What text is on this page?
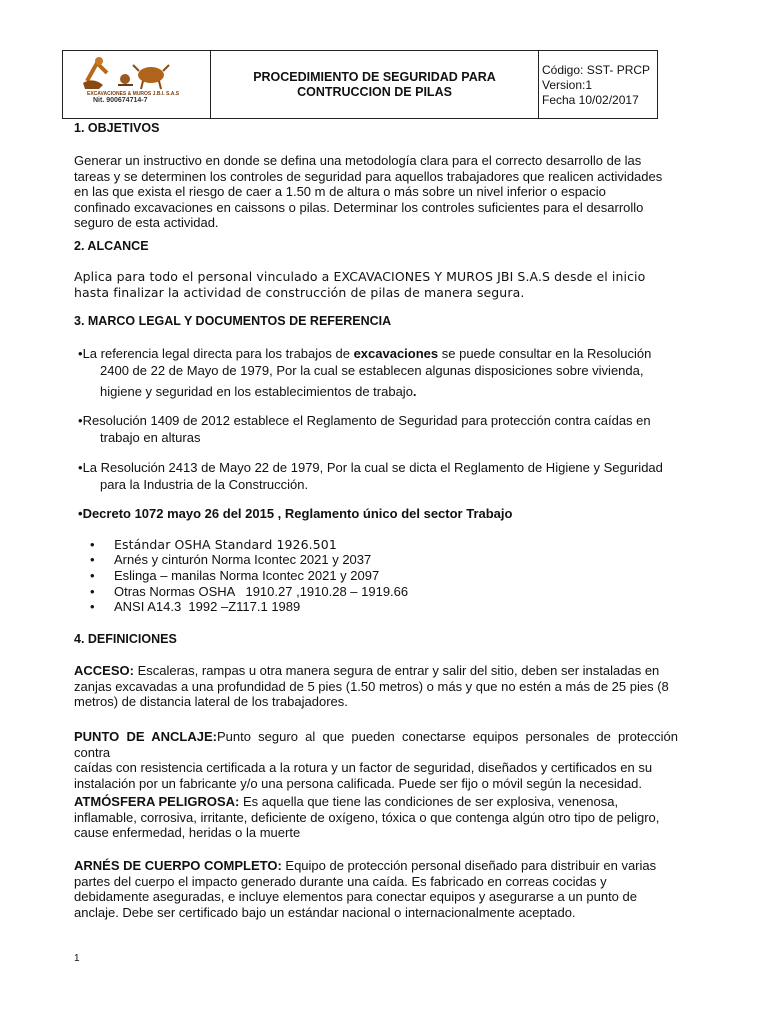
EXCAVACIONES & MUROS J.B.I. S.A.S
Nit. 900674714-7
PROCEDIMIENTO DE SEGURIDAD PARA
CONTRUCCION DE PILAS
Código: SST- PRCP
Version:1
Fecha 10/02/2017
1. OBJETIVOS
Generar un instructivo en donde se defina una metodología clara para el correcto desarrollo de las
tareas y se determinen los controles de seguridad para aquellos trabajadores que realicen actividades
en las que exista el riesgo de caer a 1.50 m de altura o más sobre un nivel inferior o espacio
confinado excavaciones en caissons o pilas. Determinar los controles suficientes para el desarrollo
seguro de esta actividad.
2. ALCANCE
Aplica para todo el personal vinculado a EXCAVACIONES Y MUROS JBI S.A.S desde el inicio
hasta finalizar la actividad de construcción de pilas de manera segura.
3. MARCO LEGAL Y DOCUMENTOS DE REFERENCIA
•La referencia legal directa para los trabajos de excavaciones se puede consultar en la Resolución
2400 de 22 de Mayo de 1979, Por la cual se establecen algunas disposiciones sobre vivienda,
higiene y seguridad en los establecimientos de trabajo.
•Resolución 1409 de 2012 establece el Reglamento de Seguridad para protección contra caídas en
trabajo en alturas
•La Resolución 2413 de Mayo 22 de 1979, Por la cual se dicta el Reglamento de Higiene y Seguridad
para la Industria de la Construcción.
•Decreto 1072 mayo 26 del 2015 , Reglamento único del sector Trabajo
• Estándar OSHA Standard 1926.501
• Arnés y cinturón Norma Icontec 2021 y 2037
• Eslinga – manilas Norma Icontec 2021 y 2097
• Otras Normas OSHA   1910.27 ,1910.28 – 1919.66
• ANSI A14.3  1992 –Z117.1 1989
4. DEFINICIONES
ACCESO: Escaleras, rampas u otra manera segura de entrar y salir del sitio, deben ser instaladas en
zanjas excavadas a una profundidad de 5 pies (1.50 metros) o más y que no estén a más de 25 pies (8
metros) de distancia lateral de los trabajadores.
PUNTO DE ANCLAJE:Punto seguro al que pueden conectarse equipos personales de protección contra
caídas con resistencia certificada a la rotura y un factor de seguridad, diseñados y certificados en su
instalación por un fabricante y/o una persona calificada. Puede ser fijo o móvil según la necesidad.
ATMÓSFERA PELIGROSA: Es aquella que tiene las condiciones de ser explosiva, venenosa,
inflamable, corrosiva, irritante, deficiente de oxígeno, tóxica o que contenga algún otro tipo de peligro,
cause enfermedad, heridas o la muerte
ARNÉS DE CUERPO COMPLETO: Equipo de protección personal diseñado para distribuir en varias
partes del cuerpo el impacto generado durante una caída. Es fabricado en correas cocidas y
debidamente aseguradas, e incluye elementos para conectar equipos y asegurarse a un punto de
anclaje. Debe ser certificado bajo un estándar nacional o internacionalmente aceptado.
1
